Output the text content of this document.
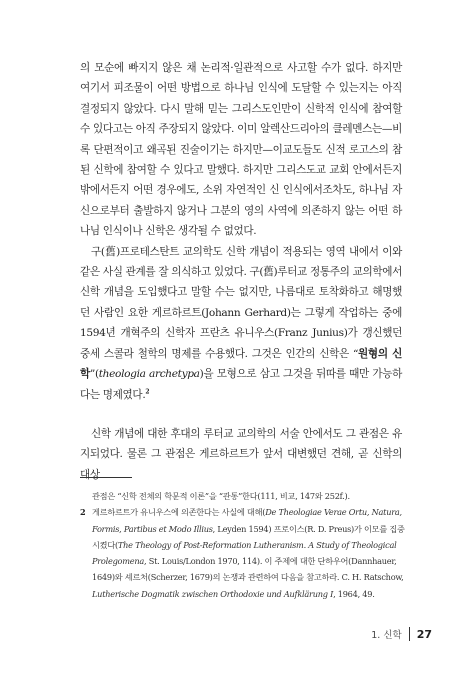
의 모순에 빠지지 않은 채 논리적·일관적으로 사고할 수가 없다. 하지만 여기서 피조물이 어떤 방법으로 하나님 인식에 도달할 수 있는지는 아직 결정되지 않았다. 다시 말해 믿는 그리스도인만이 신학적 인식에 참여할 수 있다고는 아직 주장되지 않았다. 이미 알렉산드리아의 클레멘스는—비록 단편적이고 왜곡된 진술이기는 하지만—이교도들도 신적 로고스의 참된 신학에 참여할 수 있다고 말했다. 하지만 그리스도교 교회 안에서든지 밖에서든지 어떤 경우에도, 소위 자연적인 신 인식에서조차도, 하나님 자신으로부터 출발하지 않거나 그분의 영의 사역에 의존하지 않는 어떤 하나님 인식이나 신학은 생각될 수 없었다.

구(舊)프로테스탄트 교의학도 신학 개념이 적용되는 영역 내에서 이와 같은 사실 관계를 잘 의식하고 있었다. 구(舊)루터교 정통주의 교의학에서 신학 개념을 도입했다고 말할 수는 없지만, 나름대로 토착화하고 해명했던 사람인 요한 게르하르트(Johann Gerhard)는 그렇게 작업하는 중에 1594년 개혁주의 신학자 프란츠 유니우스(Franz Junius)가 갱신했던 중세 스콜라 철학의 명제를 수용했다. 그것은 인간의 신학은 “원형의 신학”(theologia archetypa)을 모형으로 삼고 그것을 뒤따를 때만 가능하다는 명제였다.$^2$

신학 개념에 대한 후대의 루터교 교의학의 서술 안에서도 그 관점은 유지되었다. 물론 그 관점은 게르하르트가 앞서 대변했던 견해, 곧 신학의 대상

관점은 “신학 전체의 학문적 이론”을 “관통”한다(111, 비교, 147와 252f.).

2 게르하르트가 유니우스에 의존한다는 사실에 대해(De Theologiae Verae Ortu, Natura, Formis, Partibus et Modo Illius, Leyden 1594) 프로이스(R. D. Preus)가 이모를 집중시켰다(The Theology of Post-Reformation Lutheranism. A Study of Theological Prolegomena, St. Louis/London 1970, 114). 이 주제에 대한 단하우어(Dannhauer, 1649)와 셰르처(Scherzer, 1679)의 논쟁과 관련하여 다음을 참고하라. C. H. Ratschow, Lutherische Dogmatik zwischen Orthodoxie und Aufklärung I, 1964, 49.

1. 신학 27
